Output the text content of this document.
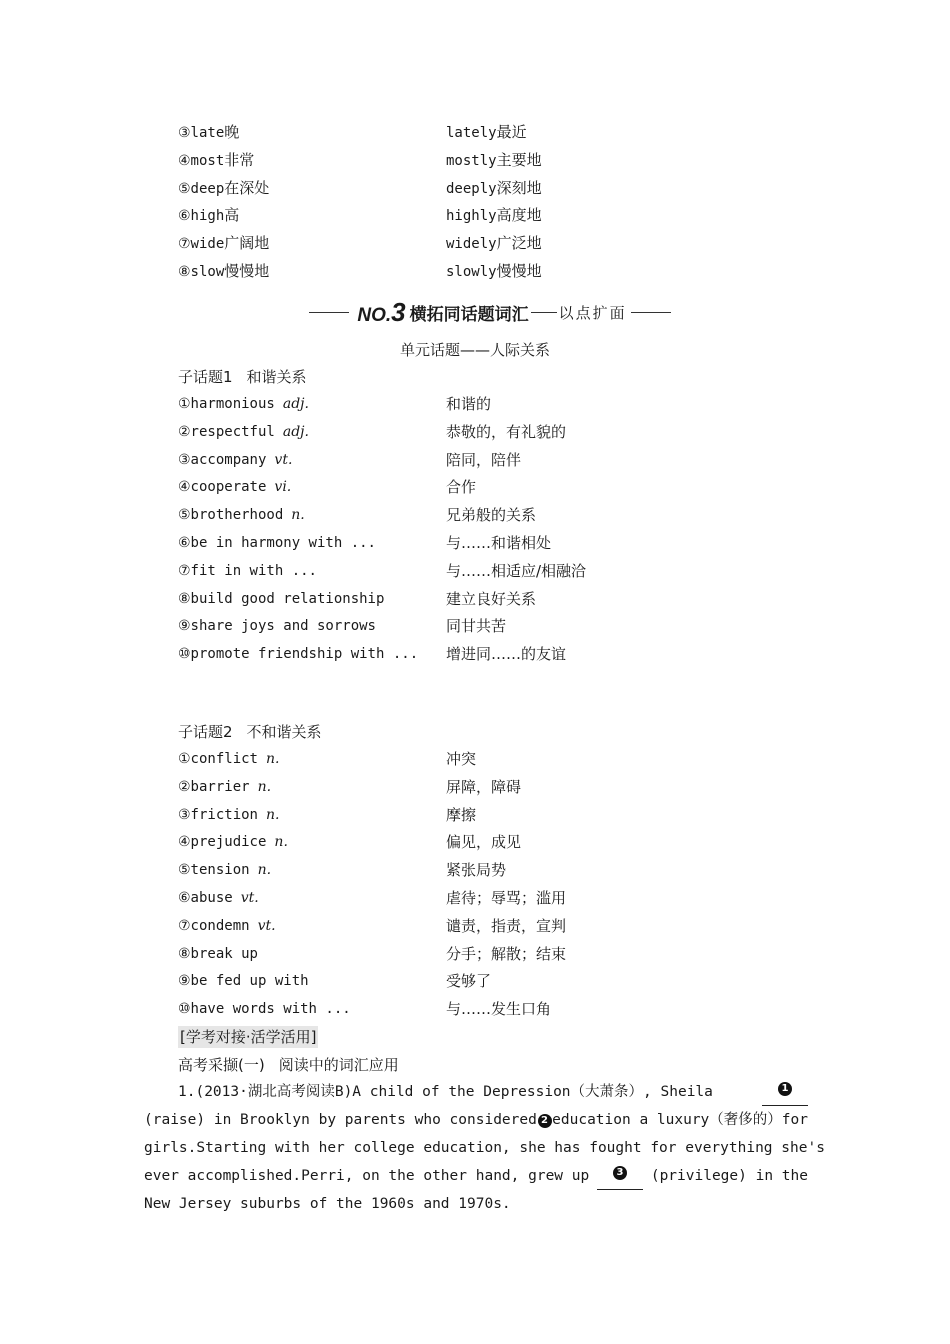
③late晚	lately最近
④most非常	mostly主要地
⑤deep在深处	deeply深刻地
⑥high高	highly高度地
⑦wide广阔地	widely广泛地
⑧slow慢慢地	slowly慢慢地
NO.3 横拓同话题词汇 以点扩面
单元话题——人际关系
子话题1 和谐关系
①harmonious adj.	和谐的
②respectful adj.	恭敬的，有礼貌的
③accompany vt.	陪同，陪伴
④cooperate vi.	合作
⑤brotherhood n.	兄弟般的关系
⑥be in harmony with ...	与……和谐相处
⑦fit in with ...	与……相适应/相融洽
⑧build good relationship	建立良好关系
⑨share joys and sorrows	同甘共苦
⑩promote friendship with ... 增进同……的友谊
子话题2 不和谐关系
①conflict n.	冲突
②barrier n.	屏障，障碍
③friction n.	摩擦
④prejudice n.	偏见，成见
⑤tension n.	紧张局势
⑥abuse vt.	虐待；辱骂；滥用
⑦condemn vt.	谴责，指责，宣判
⑧break up	分手；解散；结束
⑨be fed up with	受够了
⑩have words with ...	与……发生口角
[学考对接·活学活用]
高考采撷(一) 阅读中的词汇应用
1.(2013·湖北高考阅读B)A child of the Depression（大萧条）, Sheila	1
(raise) in Brooklyn by parents who considered 2 education a luxury（奢侈的）for
girls.Starting with her college education, she has fought for everything she's
ever accomplished.Perri, on the other hand, grew up	3	(privilege) in the
New Jersey suburbs of the 1960s and 1970s.
